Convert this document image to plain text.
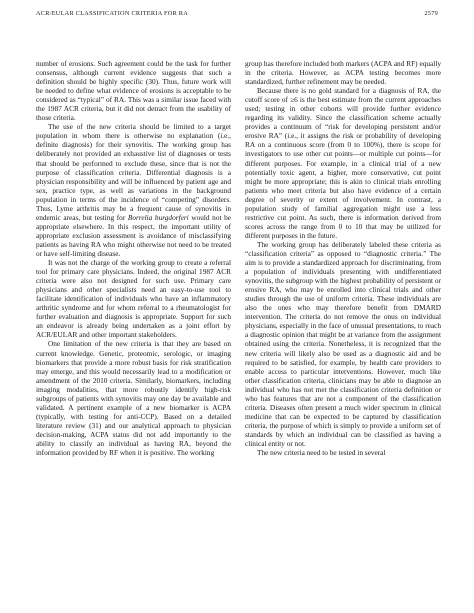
ACR/EULAR CLASSIFICATION CRITERIA FOR RA	2579

number of erosions. Such agreement could be the task for further consensus, although current evidence suggests that such a definition should be highly specific (30). Thus, future work will be needed to define what evidence of erosions is acceptable to be considered as “typical” of RA. This was a similar issue faced with the 1987 ACR criteria, but it did not detract from the usability of those criteria.

The use of the new criteria should be limited to a target population in whom there is otherwise no explanation (i.e., definite diagnosis) for their synovitis. The working group has deliberately not provided an exhaustive list of diagnoses or tests that should be performed to exclude these, since that is not the purpose of classification criteria. Differential diagnosis is a physician responsibility and will be influenced by patient age and sex, practice type, as well as variations in the background population in terms of the incidence of “competing” disorders. Thus, Lyme arthritis may be a frequent cause of synovitis in endemic areas, but testing for Borrelia burgdorferi would not be appropriate elsewhere. In this respect, the important utility of appropriate exclusion assessment is avoidance of misclassifying patients as having RA who might otherwise not need to be treated or have self-limiting disease.

It was not the charge of the working group to create a referral tool for primary care physicians. Indeed, the original 1987 ACR criteria were also not designed for such use. Primary care physicians and other specialists need an easy-to-use tool to facilitate identification of individuals who have an inflammatory arthritic syndrome and for whom referral to a rheumatologist for further evaluation and diagnosis is appropriate. Support for such an endeavor is already being undertaken as a joint effort by ACR/EULAR and other important stakeholders.

One limitation of the new criteria is that they are based on current knowledge. Genetic, proteomic, serologic, or imaging biomarkers that provide a more robust basis for risk stratification may emerge, and this would necessarily lead to a modification or amendment of the 2010 criteria. Similarly, biomarkers, including imaging modalities, that more robustly identify high-risk subgroups of patients with synovitis may one day be available and validated. A pertinent example of a new biomarker is ACPA (typically, with testing for anti-CCP). Based on a detailed literature review (31) and our analytical approach to physician decision-making, ACPA status did not add importantly to the ability to classify an individual as having RA, beyond the information provided by RF when it is positive. The working

group has therefore included both markers (ACPA and RF) equally in the criteria. However, as ACPA testing becomes more standardized, further refinement may be needed.

Because there is no gold standard for a diagnosis of RA, the cutoff score of ≥6 is the best estimate from the current approaches used; testing in other cohorts will provide further evidence regarding its validity. Since the classification scheme actually provides a continuum of “risk for developing persistent and/or erosive RA” (i.e., it assigns the risk or probability of developing RA on a continuous score (from 0 to 100%), there is scope for investigators to use other cut points—or multiple cut points—for different purposes. For example, in a clinical trial of a new potentially toxic agent, a higher, more conservative, cut point might be more appropriate; this is akin to clinical trials enrolling patients who meet criteria but also have evidence of a certain degree of severity or extent of involvement. In contrast, a population study of familial aggregation might use a less restrictive cut point. As such, there is information derived from scores across the range from 0 to 10 that may be utilized for different purposes in the future.

The working group has deliberately labeled these criteria as “classification criteria” as opposed to “diagnostic criteria.” The aim is to provide a standardized approach for discriminating, from a population of individuals presenting with undifferentiated synovitis, the subgroup with the highest probability of persistent or erosive RA, who may be enrolled into clinical trials and other studies through the use of uniform criteria. These individuals are also the ones who may therefore benefit from DMARD intervention. The criteria do not remove the onus on individual physicians, especially in the face of unusual presentations, to reach a diagnostic opinion that might be at variance from the assignment obtained using the criteria. Nonetheless, it is recognized that the new criteria will likely also be used as a diagnostic aid and be required to be satisfied, for example, by health care providers to enable access to particular interventions. However, much like other classification criteria, clinicians may be able to diagnose an individual who has not met the classification criteria definition or who has features that are not a component of the classification criteria. Diseases often present a much wider spectrum in clinical medicine that can be expected to be captured by classification criteria, the purpose of which is simply to provide a uniform set of standards by which an individual can be classified as having a clinical entity or not.

The new criteria need to be tested in several
